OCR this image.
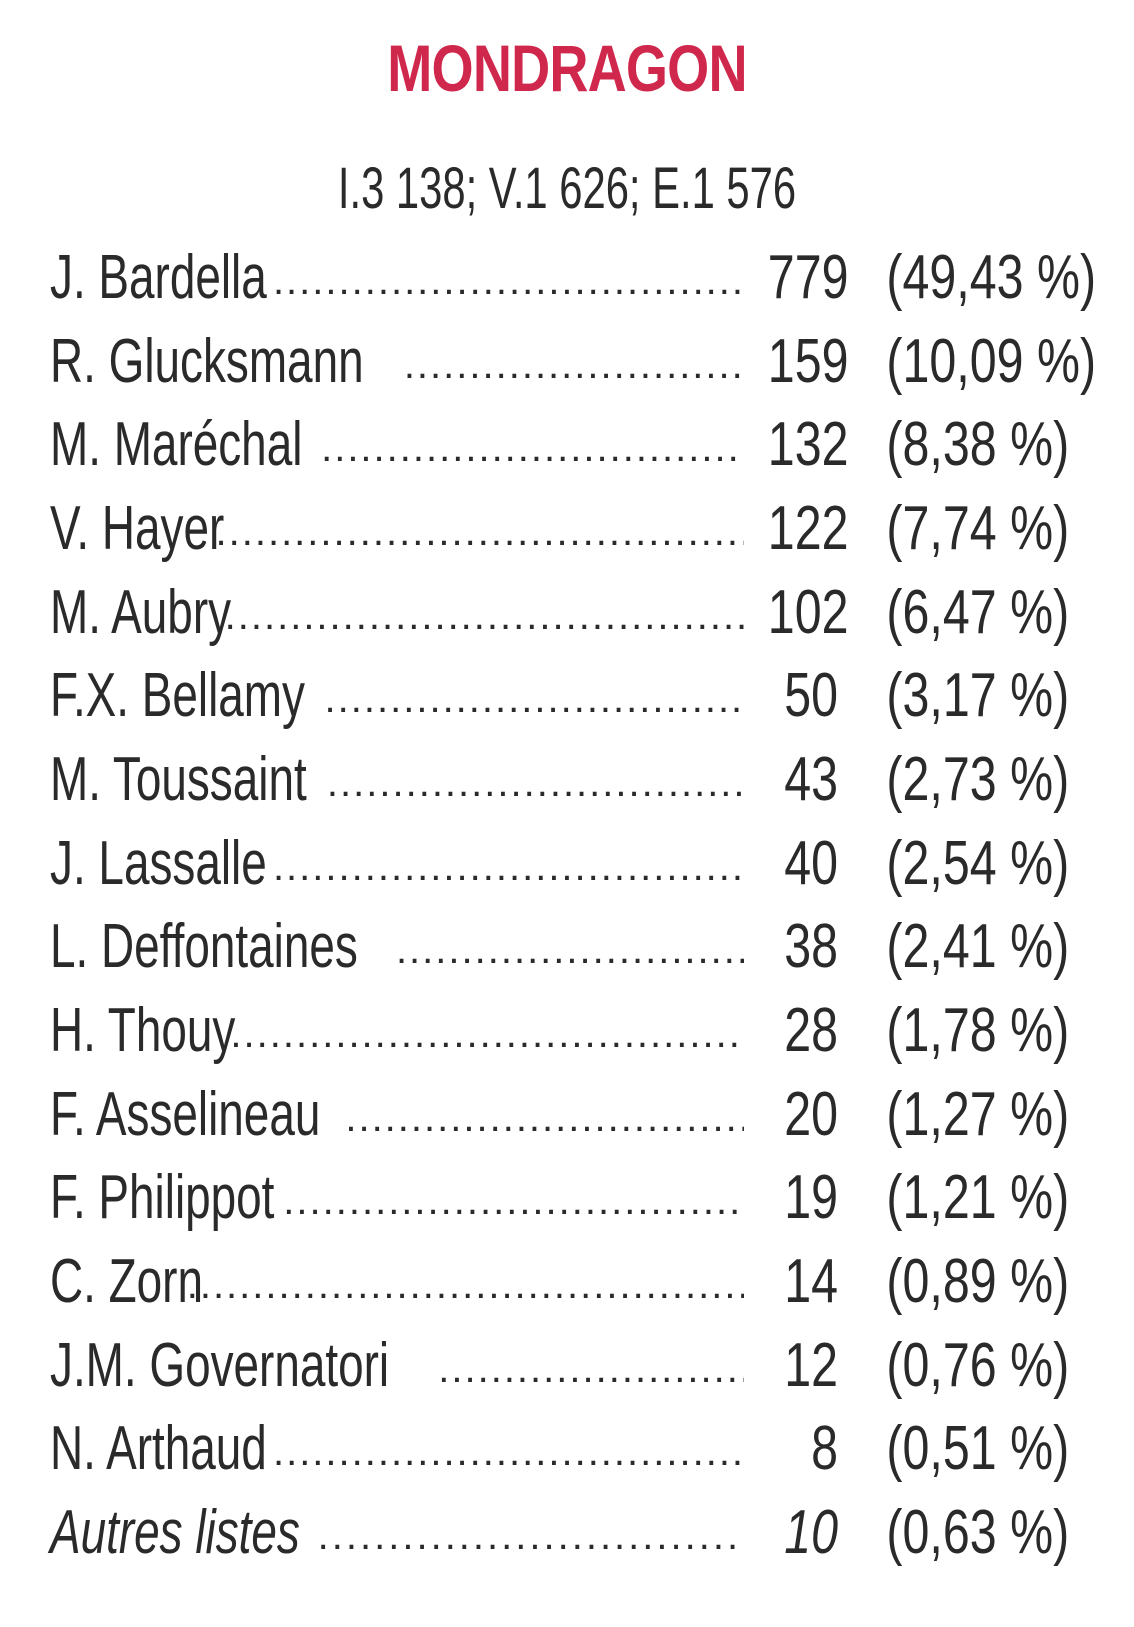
MONDRAGON
I.3 138; V.1 626; E.1 576
J. Bardella .....	779 (49,43 %)
R. Glucksmann .....	159 (10,09 %)
M. Maréchal .....	132 (8,38 %)
V. Hayer .....	122 (7,74 %)
M. Aubry .....	102 (6,47 %)
F.X. Bellamy .....	50 (3,17 %)
M. Toussaint .....	43 (2,73 %)
J. Lassalle .....	40 (2,54 %)
L. Deffontaines .....	38 (2,41 %)
H. Thouy .....	28 (1,78 %)
F. Asselineau .....	20 (1,27 %)
F. Philippot .....	19 (1,21 %)
C. Zorn .....	14 (0,89 %)
J.M. Governatori .....	12 (0,76 %)
N. Arthaud .....	8 (0,51 %)
Autres listes .....	10 (0,63 %)
